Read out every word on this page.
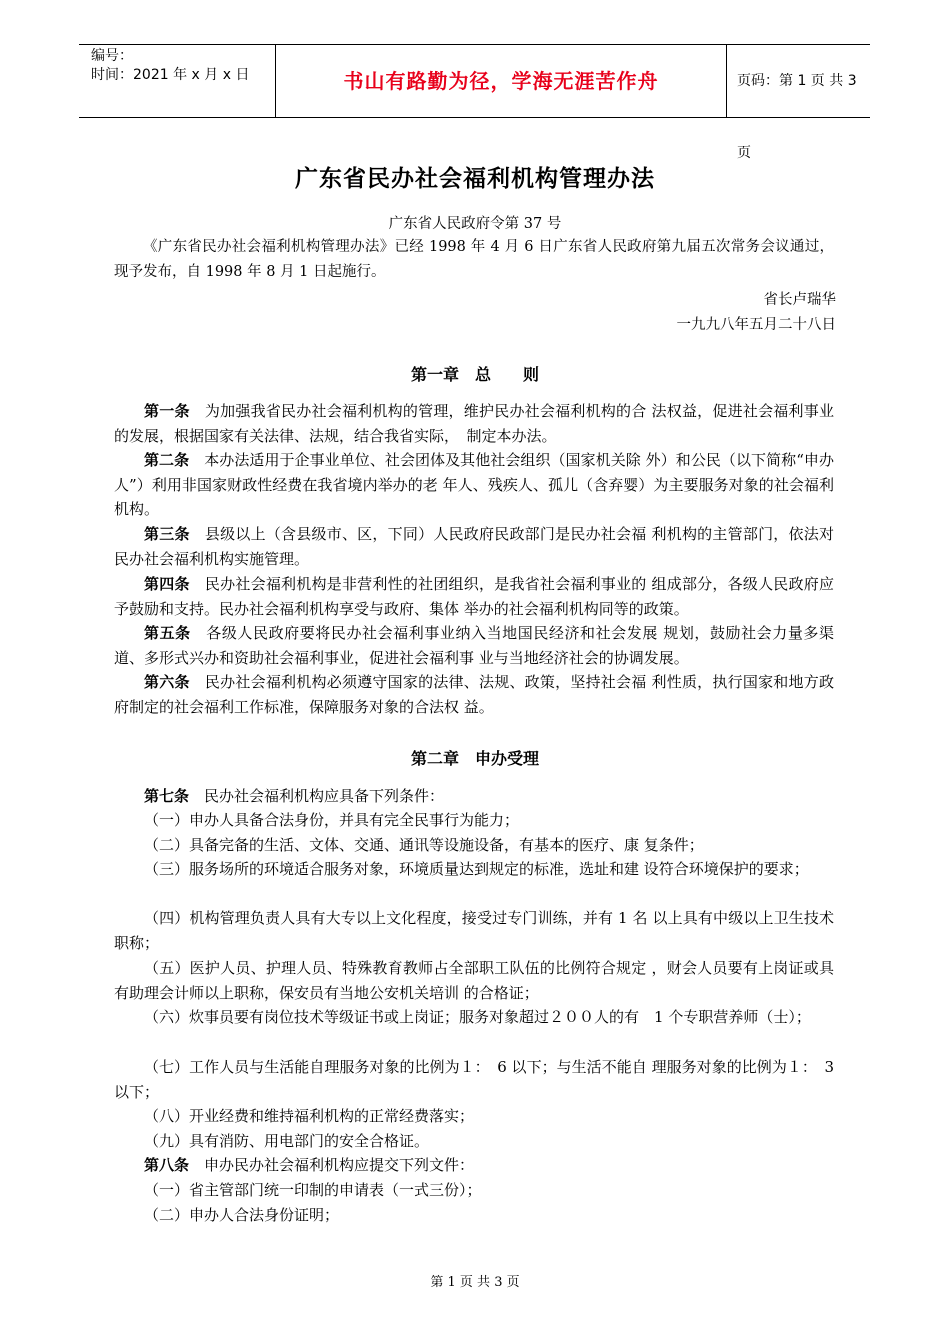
编号：
时间：2021 年 x 月 x 日	书山有路勤为径，学海无涯苦作舟	页码：第 1 页 共 3 页
广东省民办社会福利机构管理办法
广东省人民政府令第 37 号
《广东省民办社会福利机构管理办法》已经 1998 年 4 月 6 日广东省人民政府第九届五次常务会议通过，现予发布，自 1998 年 8 月 1 日起施行。
省长卢瑞华
一九九八年五月二十八日
第一章　总　　则
第一条　为加强我省民办社会福利机构的管理，维护民办社会福利机构的合 法权益，促进社会福利事业的发展，根据国家有关法律、法规，结合我省实际，　制定本办法。
第二条　本办法适用于企事业单位、社会团体及其他社会组织（国家机关除 外）和公民（以下简称“申办人”）利用非国家财政性经费在我省境内举办的老 年人、残疾人、孤儿（含弃婴）为主要服务对象的社会福利机构。
第三条　县级以上（含县级市、区，下同）人民政府民政部门是民办社会福 利机构的主管部门，依法对民办社会福利机构实施管理。
第四条　民办社会福利机构是非营利性的社团组织，是我省社会福利事业的 组成部分，各级人民政府应予鼓励和支持。民办社会福利机构享受与政府、集体 举办的社会福利机构同等的政策。
第五条　各级人民政府要将民办社会福利事业纳入当地国民经济和社会发展 规划，鼓励社会力量多渠道、多形式兴办和资助社会福利事业，促进社会福利事 业与当地经济社会的协调发展。
第六条　民办社会福利机构必须遵守国家的法律、法规、政策，坚持社会福 利性质，执行国家和地方政府制定的社会福利工作标准，保障服务对象的合法权 益。
第二章　申办受理
第七条　民办社会福利机构应具备下列条件：
（一）申办人具备合法身份，并具有完全民事行为能力；
（二）具备完备的生活、文体、交通、通讯等设施设备，有基本的医疗、康 复条件；
（三）服务场所的环境适合服务对象，环境质量达到规定的标准，选址和建 设符合环境保护的要求；
（四）机构管理负责人具有大专以上文化程度，接受过专门训练，并有 1 名 以上具有中级以上卫生技术职称；
（五）医护人员、护理人员、特殊教育教师占全部职工队伍的比例符合规定 ，财会人员要有上岗证或具有助理会计师以上职称，保安员有当地公安机关培训 的合格证；
（六）炊事员要有岗位技术等级证书或上岗证；服务对象超过２００人的有　1 个专职营养师（士）；
（七）工作人员与生活能自理服务对象的比例为１：　6 以下；与生活不能自 理服务对象的比例为１：　3 以下；
（八）开业经费和维持福利机构的正常经费落实；
（九）具有消防、用电部门的安全合格证。
第八条　申办民办社会福利机构应提交下列文件：
（一）省主管部门统一印制的申请表（一式三份）；
（二）申办人合法身份证明；
第 1 页 共 3 页
